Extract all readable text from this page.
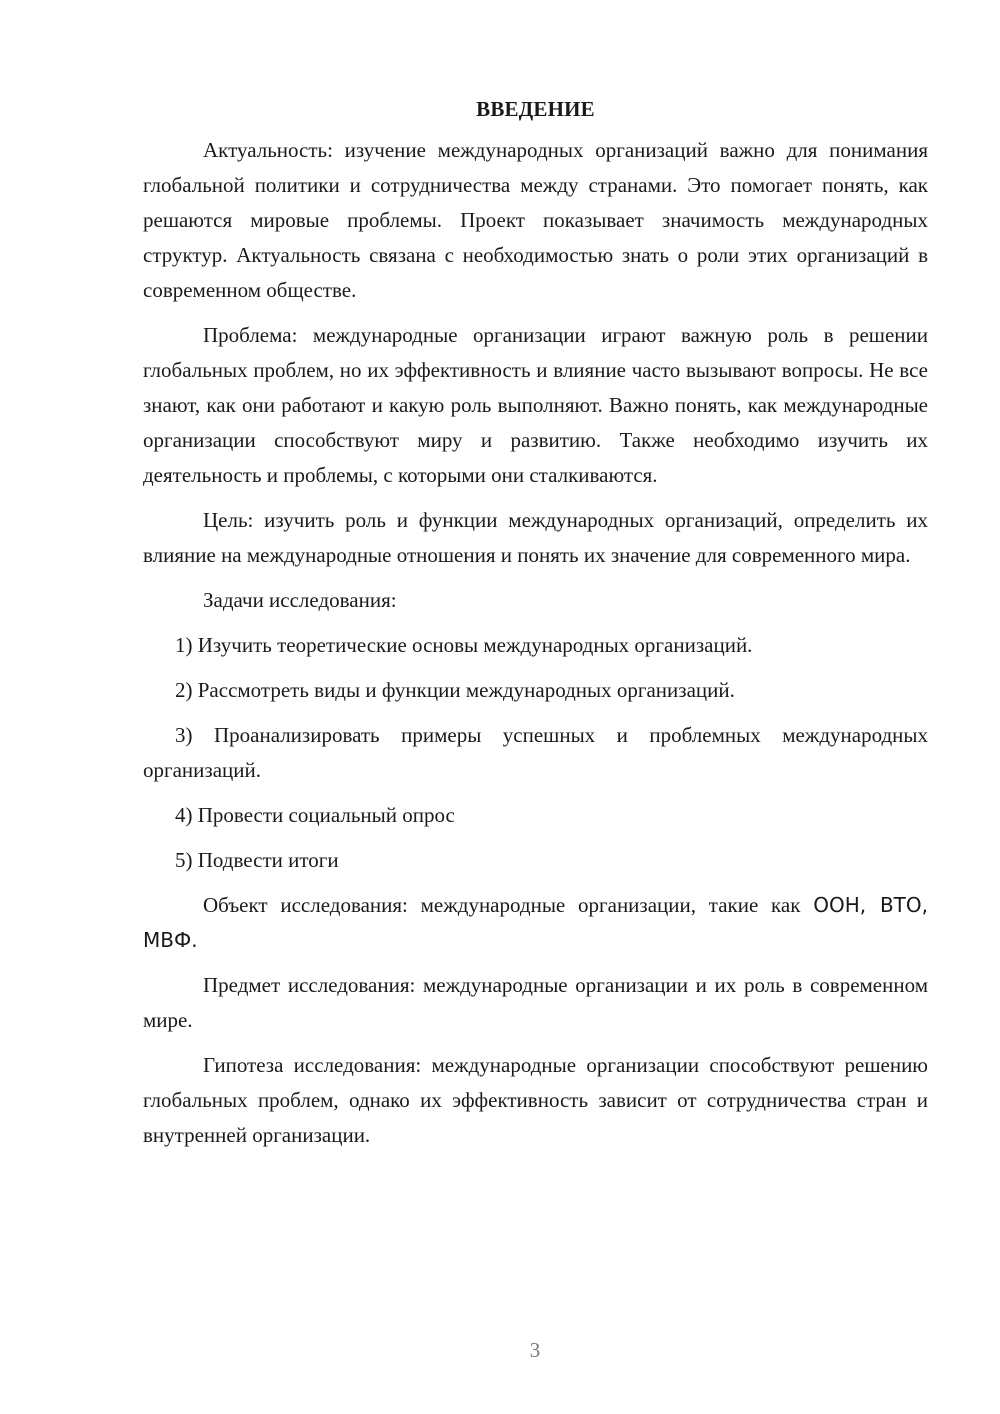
ВВЕДЕНИЕ

Актуальность: изучение международных организаций важно для понимания глобальной политики и сотрудничества между странами. Это помогает понять, как решаются мировые проблемы. Проект показывает значимость международных структур. Актуальность связана с необходимостью знать о роли этих организаций в современном обществе.

Проблема: международные организации играют важную роль в решении глобальных проблем, но их эффективность и влияние часто вызывают вопросы. Не все знают, как они работают и какую роль выполняют. Важно понять, как международные организации способствуют миру и развитию. Также необходимо изучить их деятельность и проблемы, с которыми они сталкиваются.

Цель: изучить роль и функции международных организаций, определить их влияние на международные отношения и понять их значение для современного мира.

Задачи исследования:

1) Изучить теоретические основы международных организаций.

2) Рассмотреть виды и функции международных организаций.

3) Проанализировать примеры успешных и проблемных международных организаций.

4) Провести социальный опрос

5) Подвести итоги

Объект исследования: международные организации, такие как ООН, ВТО, МВФ.

Предмет исследования: международные организации и их роль в современном мире.

Гипотеза исследования: международные организации способствуют решению глобальных проблем, однако их эффективность зависит от сотрудничества стран и внутренней организации.

3
